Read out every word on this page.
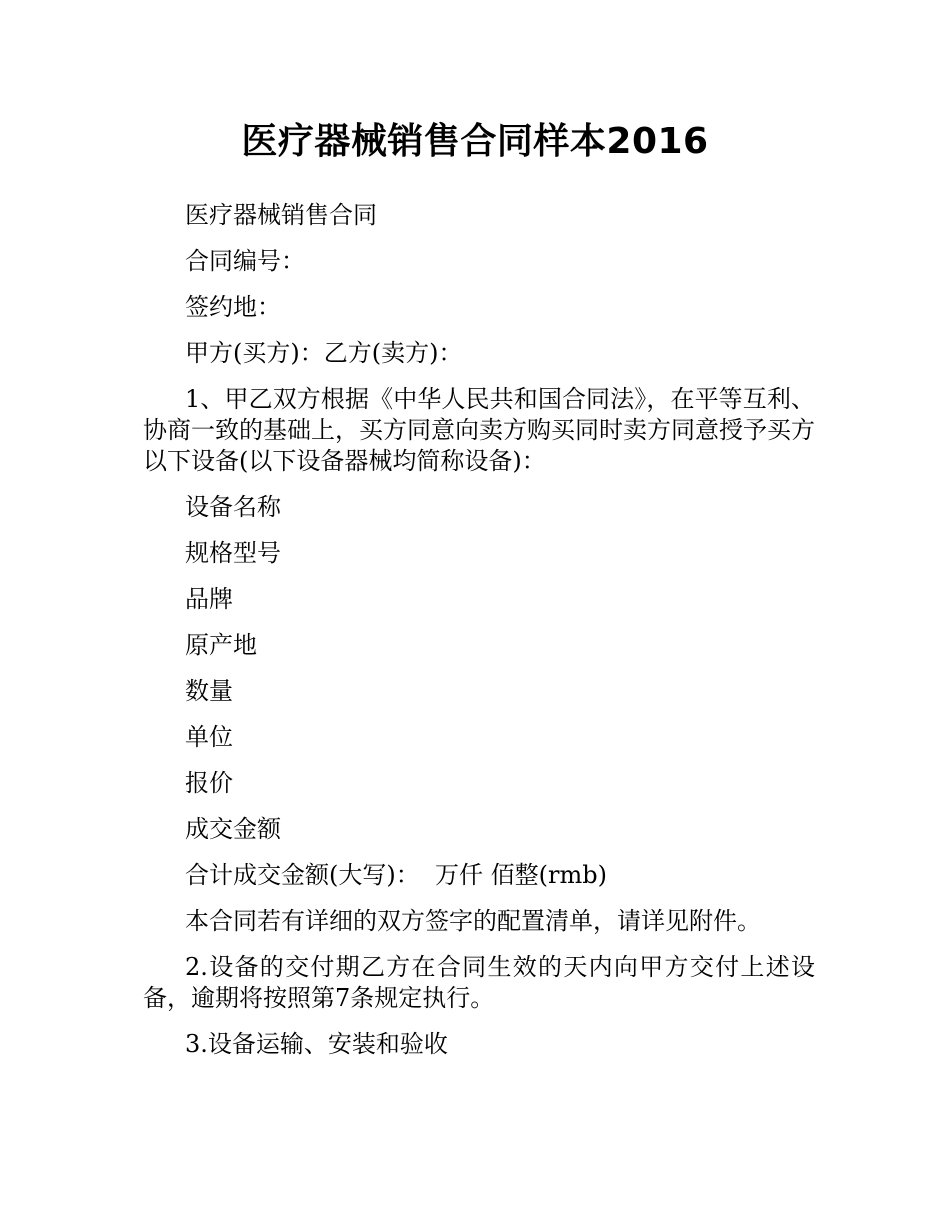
医疗器械销售合同样本2016

医疗器械销售合同

合同编号：

签约地：

甲方(买方)：乙方(卖方)：

1、甲乙双方根据《中华人民共和国合同法》，在平等互利、协商一致的基础上，买方同意向卖方购买同时卖方同意授予买方以下设备(以下设备器械均简称设备)：

设备名称

规格型号

品牌

原产地

数量

单位

报价

成交金额

合计成交金额(大写)：  万仟 佰整(rmb)

本合同若有详细的双方签字的配置清单，请详见附件。

2.设备的交付期乙方在合同生效的天内向甲方交付上述设备，逾期将按照第7条规定执行。

3.设备运输、安装和验收
